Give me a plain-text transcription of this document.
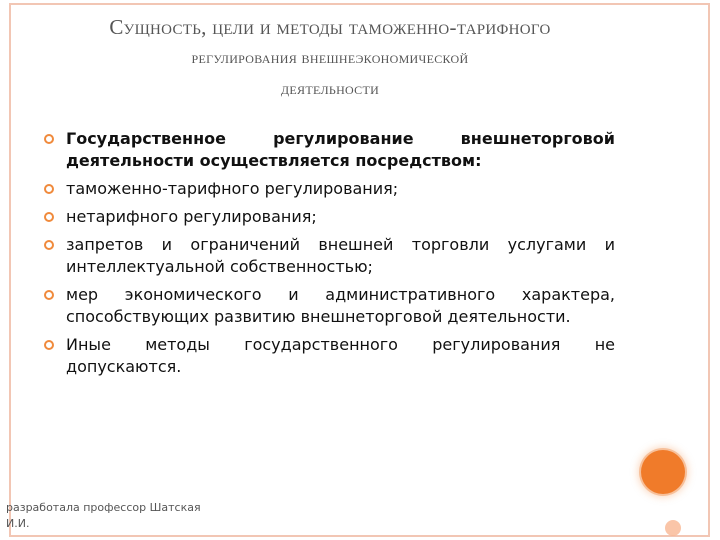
Сущность, цели и методы таможенно-тарифного
регулирования внешнеэкономической
деятельности
Государственное регулирование внешнеторговой деятельности осуществляется посредством:
таможенно-тарифного регулирования;
нетарифного регулирования;
запретов и ограничений внешней торговли услугами и интеллектуальной собственностью;
мер экономического и административного характера, способствующих развитию внешнеторговой деятельности.
Иные методы государственного регулирования не допускаются.
разработала профессор Шатская И.И.
